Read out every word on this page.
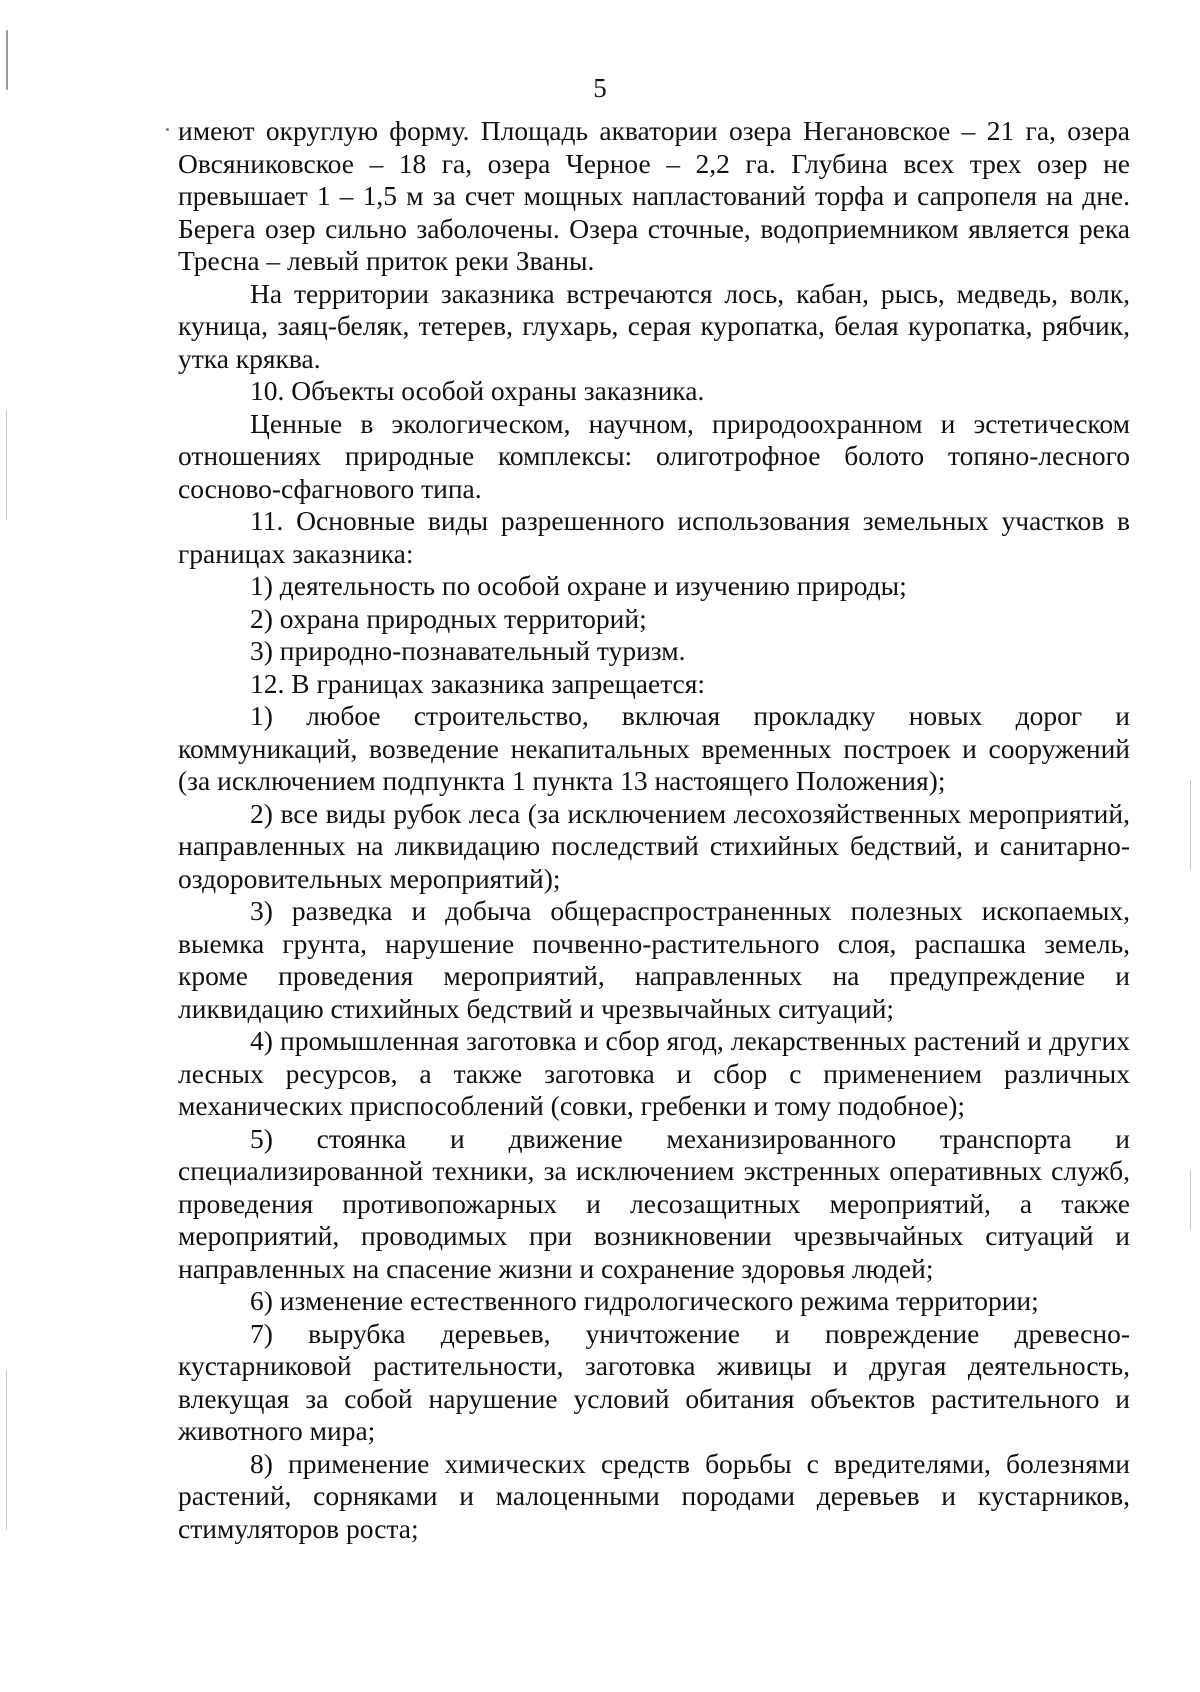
5

имеют округлую форму. Площадь акватории озера Негановское – 21 га, озера Овсяниковское – 18 га, озера Черное – 2,2 га. Глубина всех трех озер не превышает 1 – 1,5 м за счет мощных напластований торфа и сапропеля на дне. Берега озер сильно заболочены. Озера сточные, водоприемником является река Тресна – левый приток реки Званы.

На территории заказника встречаются лось, кабан, рысь, медведь, волк, куница, заяц-беляк, тетерев, глухарь, серая куропатка, белая куропатка, рябчик, утка кряква.

10. Объекты особой охраны заказника.

Ценные в экологическом, научном, природоохранном и эстетическом отношениях природные комплексы: олиготрофное болото топяно-лесного сосново-сфагнового типа.

11. Основные виды разрешенного использования земельных участков в границах заказника:

1) деятельность по особой охране и изучению природы;

2) охрана природных территорий;

3) природно-познавательный туризм.

12. В границах заказника запрещается:

1) любое строительство, включая прокладку новых дорог и коммуникаций, возведение некапитальных временных построек и сооружений (за исключением подпункта 1 пункта 13 настоящего Положения);

2) все виды рубок леса (за исключением лесохозяйственных мероприятий, направленных на ликвидацию последствий стихийных бедствий, и санитарно-оздоровительных мероприятий);

3) разведка и добыча общераспространенных полезных ископаемых, выемка грунта, нарушение почвенно-растительного слоя, распашка земель, кроме проведения мероприятий, направленных на предупреждение и ликвидацию стихийных бедствий и чрезвычайных ситуаций;

4) промышленная заготовка и сбор ягод, лекарственных растений и других лесных ресурсов, а также заготовка и сбор с применением различных механических приспособлений (совки, гребенки и тому подобное);

5) стоянка и движение механизированного транспорта и специализированной техники, за исключением экстренных оперативных служб, проведения противопожарных и лесозащитных мероприятий, а также мероприятий, проводимых при возникновении чрезвычайных ситуаций и направленных на спасение жизни и сохранение здоровья людей;

6) изменение естественного гидрологического режима территории;

7) вырубка деревьев, уничтожение и повреждение древесно-кустарниковой растительности, заготовка живицы и другая деятельность, влекущая за собой нарушение условий обитания объектов растительного и животного мира;

8) применение химических средств борьбы с вредителями, болезнями растений, сорняками и малоценными породами деревьев и кустарников, стимуляторов роста;
